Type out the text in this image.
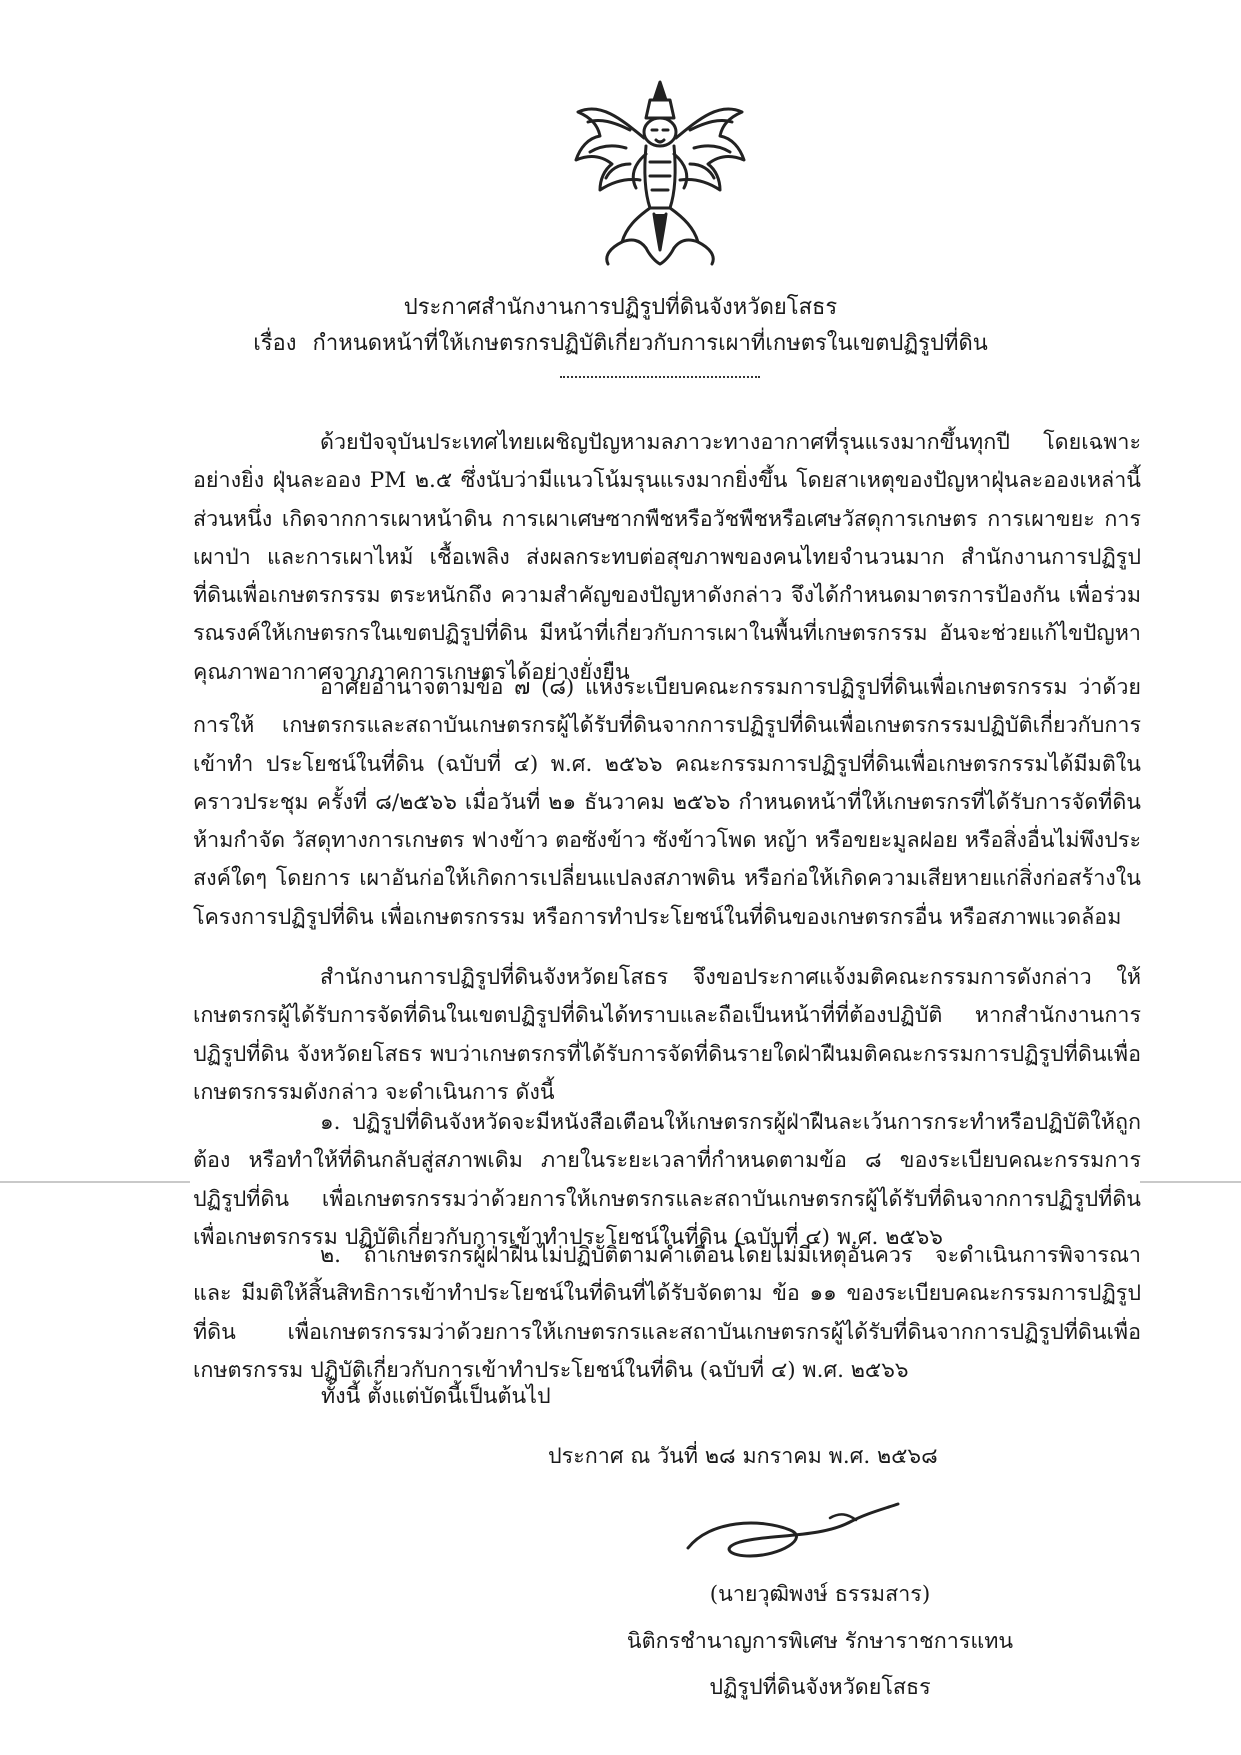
ประกาศสำนักงานการปฏิรูปที่ดินจังหวัดยโสธร
เรื่อง กำหนดหน้าที่ให้เกษตรกรปฏิบัติเกี่ยวกับการเผาที่เกษตรในเขตปฏิรูปที่ดิน

ด้วยปัจจุบันประเทศไทยเผชิญปัญหามลภาวะทางอากาศที่รุนแรงมากขึ้นทุกปี โดยเฉพาะอย่างยิ่ง ฝุ่นละออง PM ๒.๕ ซึ่งนับว่ามีแนวโน้มรุนแรงมากยิ่งขึ้น โดยสาเหตุของปัญหาฝุ่นละอองเหล่านี้ส่วนหนึ่ง เกิดจากการเผาหน้าดิน การเผาเศษซากพืชหรือวัชพืชหรือเศษวัสดุการเกษตร การเผาขยะ การเผาป่า และการเผาไหม้ เชื้อเพลิง ส่งผลกระทบต่อสุขภาพของคนไทยจำนวนมาก สำนักงานการปฏิรูปที่ดินเพื่อเกษตรกรรม ตระหนักถึง ความสำคัญของปัญหาดังกล่าว จึงได้กำหนดมาตรการป้องกัน เพื่อร่วมรณรงค์ให้เกษตรกรในเขตปฏิรูปที่ดิน มีหน้าที่เกี่ยวกับการเผาในพื้นที่เกษตรกรรม อันจะช่วยแก้ไขปัญหาคุณภาพอากาศจากภาคการเกษตรได้อย่างยั่งยืน

อาศัยอำนาจตามข้อ ๗ (๘) แห่งระเบียบคณะกรรมการปฏิรูปที่ดินเพื่อเกษตรกรรม ว่าด้วยการให้ เกษตรกรและสถาบันเกษตรกรผู้ได้รับที่ดินจากการปฏิรูปที่ดินเพื่อเกษตรกรรมปฏิบัติเกี่ยวกับการเข้าทำ ประโยชน์ในที่ดิน (ฉบับที่ ๔) พ.ศ. ๒๕๖๖ คณะกรรมการปฏิรูปที่ดินเพื่อเกษตรกรรมได้มีมติในคราวประชุม ครั้งที่ ๘/๒๕๖๖ เมื่อวันที่ ๒๑ ธันวาคม ๒๕๖๖ กำหนดหน้าที่ให้เกษตรกรที่ได้รับการจัดที่ดิน ห้ามกำจัด วัสดุทางการเกษตร ฟางข้าว ตอซังข้าว ซังข้าวโพด หญ้า หรือขยะมูลฝอย หรือสิ่งอื่นไม่พึงประสงค์ใดๆ โดยการ เผาอันก่อให้เกิดการเปลี่ยนแปลงสภาพดิน หรือก่อให้เกิดความเสียหายแก่สิ่งก่อสร้างในโครงการปฏิรูปที่ดิน เพื่อเกษตรกรรม หรือการทำประโยชน์ในที่ดินของเกษตรกรอื่น หรือสภาพแวดล้อม

สำนักงานการปฏิรูปที่ดินจังหวัดยโสธร จึงขอประกาศแจ้งมติคณะกรรมการดังกล่าว ให้เกษตรกรผู้ได้รับการจัดที่ดินในเขตปฏิรูปที่ดินได้ทราบและถือเป็นหน้าที่ที่ต้องปฏิบัติ หากสำนักงานการปฏิรูปที่ดิน จังหวัดยโสธร พบว่าเกษตรกรที่ได้รับการจัดที่ดินรายใดฝ่าฝืนมติคณะกรรมการปฏิรูปที่ดินเพื่อเกษตรกรรมดังกล่าว จะดำเนินการ ดังนี้

๑. ปฏิรูปที่ดินจังหวัดจะมีหนังสือเตือนให้เกษตรกรผู้ฝ่าฝืนละเว้นการกระทำหรือปฏิบัติให้ถูกต้อง หรือทำให้ที่ดินกลับสู่สภาพเดิม ภายในระยะเวลาที่กำหนดตามข้อ ๘ ของระเบียบคณะกรรมการปฏิรูปที่ดิน เพื่อเกษตรกรรมว่าด้วยการให้เกษตรกรและสถาบันเกษตรกรผู้ได้รับที่ดินจากการปฏิรูปที่ดินเพื่อเกษตรกรรม ปฏิบัติเกี่ยวกับการเข้าทำประโยชน์ในที่ดิน (ฉบับที่ ๔) พ.ศ. ๒๕๖๖

๒. ถ้าเกษตรกรผู้ฝ่าฝืนไม่ปฏิบัติตามคำเตือนโดยไม่มีเหตุอันควร จะดำเนินการพิจารณาและ มีมติให้สิ้นสิทธิการเข้าทำประโยชน์ในที่ดินที่ได้รับจัดตาม ข้อ ๑๑ ของระเบียบคณะกรรมการปฏิรูปที่ดิน เพื่อเกษตรกรรมว่าด้วยการให้เกษตรกรและสถาบันเกษตรกรผู้ได้รับที่ดินจากการปฏิรูปที่ดินเพื่อเกษตรกรรม ปฏิบัติเกี่ยวกับการเข้าทำประโยชน์ในที่ดิน (ฉบับที่ ๔) พ.ศ. ๒๕๖๖

ทั้งนี้ ตั้งแต่บัดนี้เป็นต้นไป
ประกาศ ณ วันที่ ๒๘ มกราคม พ.ศ. ๒๕๖๘
(นายวุฒิพงษ์ ธรรมสาร)
นิติกรชำนาญการพิเศษ รักษาราชการแทน
ปฏิรูปที่ดินจังหวัดยโสธร
